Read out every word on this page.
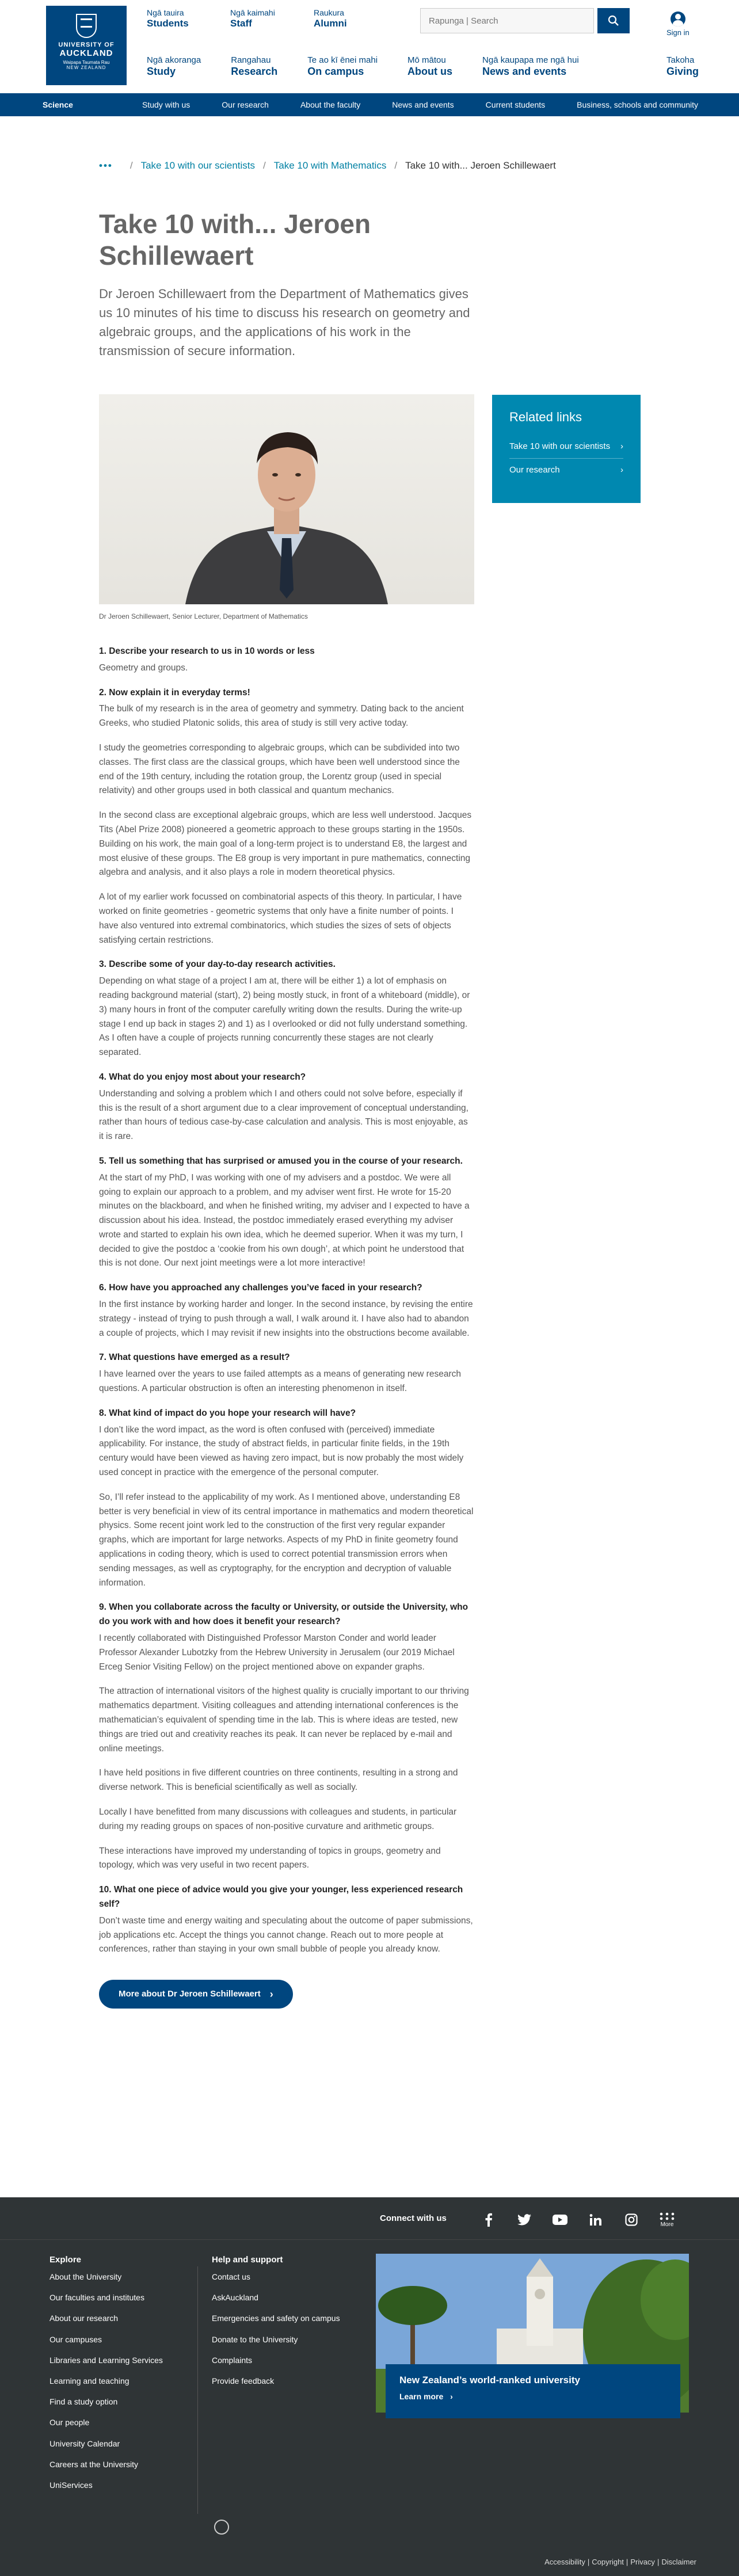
UNIVERSITY OF
AUCKLAND
Waipapa Taumata Rau
NEW ZEALAND
Ngā tauira
Students
Ngā kaimahi
Staff
Raukura
Alumni
Rapunga | Search
Sign in
Ngā akoranga
Study
Rangahau
Research
Te ao kī ēnei mahi
On campus
Mō mātou
About us
Ngā kaupapa me ngā hui
News and events
Takoha
Giving
Science	Study with us	Our research	About the faculty	News and events	Current students	Business, schools and community
••• / Take 10 with our scientists / Take 10 with Mathematics / Take 10 with... Jeroen Schillewaert
Take 10 with... Jeroen Schillewaert

Dr Jeroen Schillewaert from the Department of Mathematics gives us 10 minutes of his time to discuss his research on geometry and algebraic groups, and the applications of his work in the transmission of secure information.

Dr Jeroen Schillewaert, Senior Lecturer, Department of Mathematics
Related links
Take 10 with our scientists ›
Our research	›
1. Describe your research to us in 10 words or less

Geometry and groups.

2. Now explain it in everyday terms!

The bulk of my research is in the area of geometry and symmetry. Dating back to the ancient Greeks, who studied Platonic solids, this area of study is still very active today.

I study the geometries corresponding to algebraic groups, which can be subdivided into two classes. The first class are the classical groups, which have been well understood since the end of the 19th century, including the rotation group, the Lorentz group (used in special relativity) and other groups used in both classical and quantum mechanics.

In the second class are exceptional algebraic groups, which are less well understood. Jacques Tits (Abel Prize 2008) pioneered a geometric approach to these groups starting in the 1950s. Building on his work, the main goal of a long-term project is to understand E8, the largest and most elusive of these groups. The E8 group is very important in pure mathematics, connecting algebra and analysis, and it also plays a role in modern theoretical physics.

A lot of my earlier work focussed on combinatorial aspects of this theory. In particular, I have worked on finite geometries - geometric systems that only have a finite number of points. I have also ventured into extremal combinatorics, which studies the sizes of sets of objects satisfying certain restrictions.

3. Describe some of your day-to-day research activities.

Depending on what stage of a project I am at, there will be either 1) a lot of emphasis on reading background material (start), 2) being mostly stuck, in front of a whiteboard (middle), or 3) many hours in front of the computer carefully writing down the results. During the write-up stage I end up back in stages 2) and 1) as I overlooked or did not fully understand something. As I often have a couple of projects running concurrently these stages are not clearly separated.

4. What do you enjoy most about your research?

Understanding and solving a problem which I and others could not solve before, especially if this is the result of a short argument due to a clear improvement of conceptual understanding, rather than hours of tedious case-by-case calculation and analysis. This is most enjoyable, as it is rare.

5. Tell us something that has surprised or amused you in the course of your research.

At the start of my PhD, I was working with one of my advisers and a postdoc. We were all going to explain our approach to a problem, and my adviser went first. He wrote for 15-20 minutes on the blackboard, and when he finished writing, my adviser and I expected to have a discussion about his idea. Instead, the postdoc immediately erased everything my adviser wrote and started to explain his own idea, which he deemed superior. When it was my turn, I decided to give the postdoc a ‘cookie from his own dough’, at which point he understood that this is not done. Our next joint meetings were a lot more interactive!

6. How have you approached any challenges you’ve faced in your research?

In the first instance by working harder and longer. In the second instance, by revising the entire strategy - instead of trying to push through a wall, I walk around it. I have also had to abandon a couple of projects, which I may revisit if new insights into the obstructions become available.

7. What questions have emerged as a result?

I have learned over the years to use failed attempts as a means of generating new research questions. A particular obstruction is often an interesting phenomenon in itself.

8. What kind of impact do you hope your research will have?

I don’t like the word impact, as the word is often confused with (perceived) immediate applicability. For instance, the study of abstract fields, in particular finite fields, in the 19th century would have been viewed as having zero impact, but is now probably the most widely used concept in practice with the emergence of the personal computer.

So, I’ll refer instead to the applicability of my work. As I mentioned above, understanding E8 better is very beneficial in view of its central importance in mathematics and modern theoretical physics. Some recent joint work led to the construction of the first very regular expander graphs, which are important for large networks. Aspects of my PhD in finite geometry found applications in coding theory, which is used to correct potential transmission errors when sending messages, as well as cryptography, for the encryption and decryption of valuable information.

9. When you collaborate across the faculty or University, or outside the University, who do you work with and how does it benefit your research?

I recently collaborated with Distinguished Professor Marston Conder and world leader Professor Alexander Lubotzky from the Hebrew University in Jerusalem (our 2019 Michael Erceg Senior Visiting Fellow) on the project mentioned above on expander graphs.

The attraction of international visitors of the highest quality is crucially important to our thriving mathematics department. Visiting colleagues and attending international conferences is the mathematician’s equivalent of spending time in the lab. This is where ideas are tested, new things are tried out and creativity reaches its peak. It can never be replaced by e-mail and online meetings.

I have held positions in five different countries on three continents, resulting in a strong and diverse network. This is beneficial scientifically as well as socially.

Locally I have benefitted from many discussions with colleagues and students, in particular during my reading groups on spaces of non-positive curvature and arithmetic groups.

These interactions have improved my understanding of topics in groups, geometry and topology, which was very useful in two recent papers.

10. What one piece of advice would you give your younger, less experienced research self?

Don’t waste time and energy waiting and speculating about the outcome of paper submissions, job applications etc. Accept the things you cannot change. Reach out to more people at conferences, rather than staying in your own small bubble of people you already know.

More about Dr Jeroen Schillewaert ›
Connect with us
More
Explore
About the University
Our faculties and institutes
About our research
Our campuses
Libraries and Learning Services
Learning and teaching
Find a study option
Our people
University Calendar
Careers at the University
UniServices
Help and support
Contact us
AskAuckland
Emergencies and safety on campus
Donate to the University
Complaints
Provide feedback	New Zealand’s world-ranked university
Learn more ›
Accessibility | Copyright | Privacy | Disclaimer
